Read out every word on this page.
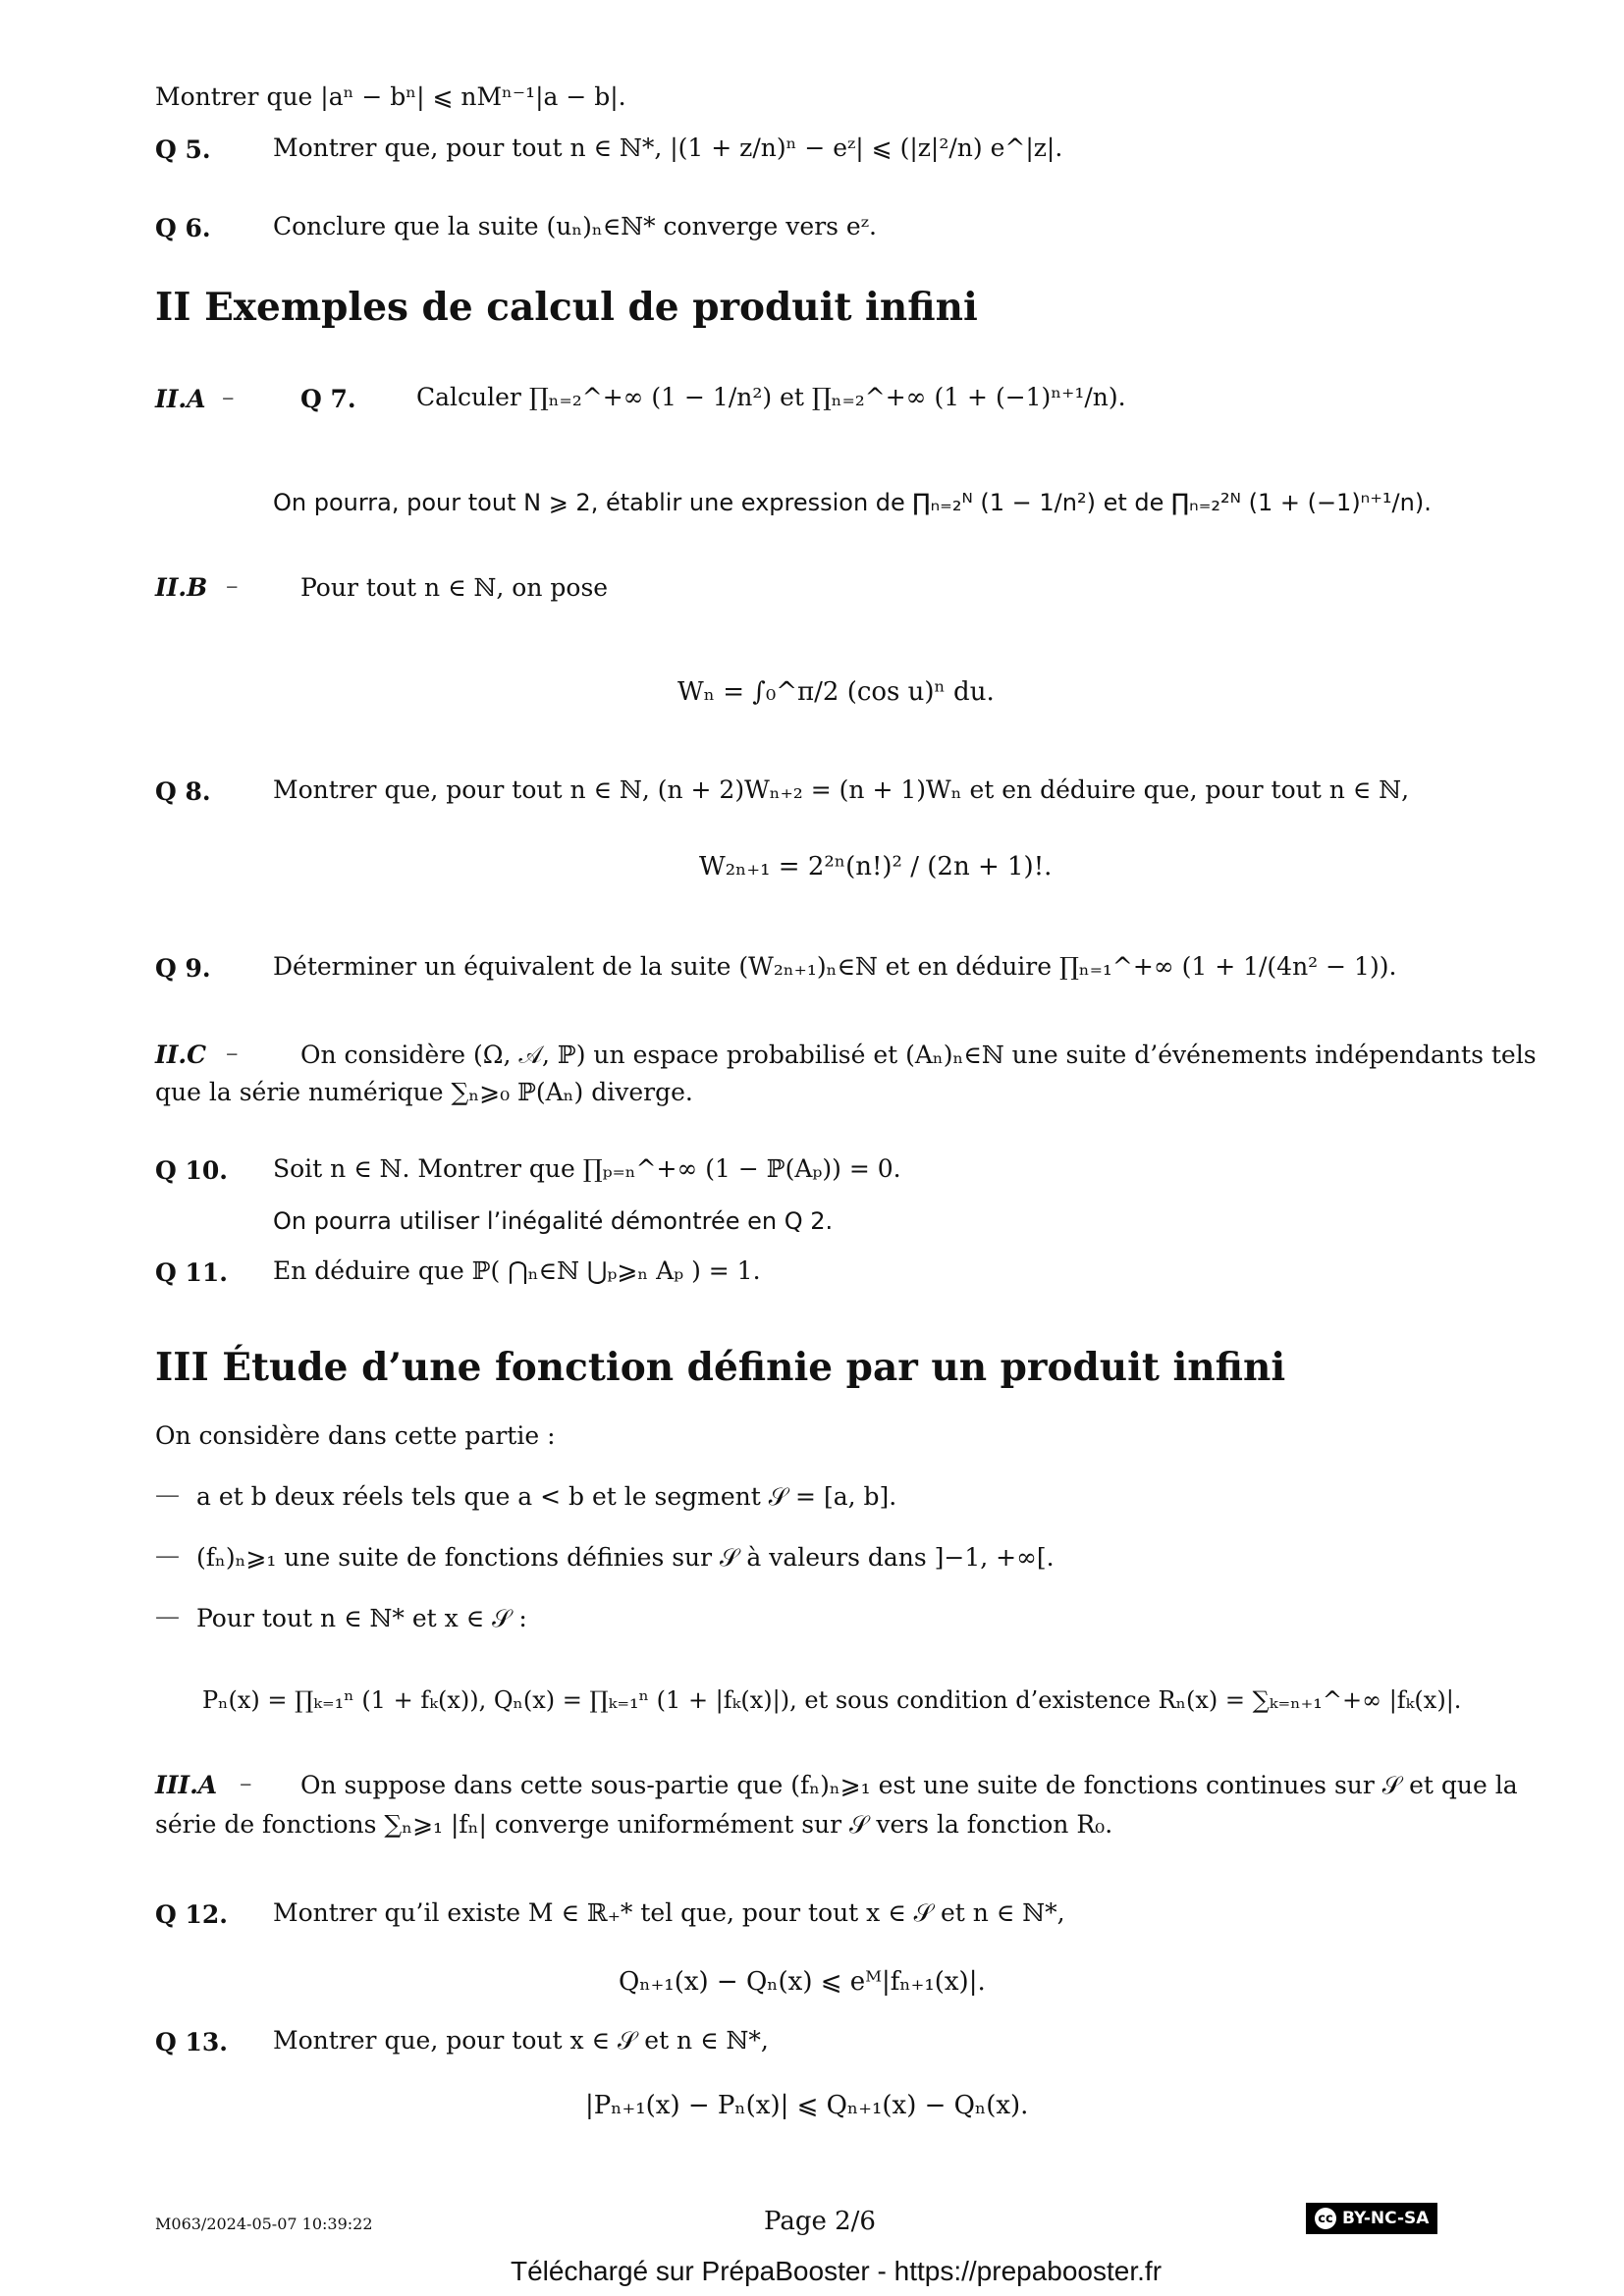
Montrer que |aⁿ − bⁿ| ⩽ nMⁿ⁻¹|a − b|.
Q 5.	Montrer que, pour tout n ∈ ℕ*, |(1 + z/n)ⁿ − eᶻ| ⩽ (|z|²/n) e^|z|.
Q 6.	Conclure que la suite (uₙ)ₙ∈ℕ* converge vers eᶻ.
II Exemples de calcul de produit infini
II.A –	Q 7. Calculer ∏ₙ₌₂^+∞ (1 − 1/n²) et ∏ₙ₌₂^+∞ (1 + (−1)ⁿ⁺¹/n).
On pourra, pour tout N ⩾ 2, établir une expression de ∏ₙ₌₂ᴺ (1 − 1/n²) et de ∏ₙ₌₂²ᴺ (1 + (−1)ⁿ⁺¹/n).
II.B –	Pour tout n ∈ ℕ, on pose
Wₙ = ∫₀^π/2 (cos u)ⁿ du.
Q 8.	Montrer que, pour tout n ∈ ℕ, (n + 2)Wₙ₊₂ = (n + 1)Wₙ et en déduire que, pour tout n ∈ ℕ,
W₂ₙ₊₁ = 2²ⁿ(n!)² / (2n + 1)!.
Q 9.	Déterminer un équivalent de la suite (W₂ₙ₊₁)ₙ∈ℕ et en déduire ∏ₙ₌₁^+∞ (1 + 1/(4n² − 1)).
II.C –	On considère (Ω, 𝒜, ℙ) un espace probabilisé et (Aₙ)ₙ∈ℕ une suite d’événements indépendants tels
que la série numérique ∑ₙ⩾₀ ℙ(Aₙ) diverge.
Q 10. Soit n ∈ ℕ. Montrer que ∏ₚ₌ₙ^+∞ (1 − ℙ(Aₚ)) = 0.
On pourra utiliser l’inégalité démontrée en Q 2.
Q 11. En déduire que ℙ( ⋂ₙ∈ℕ ⋃ₚ⩾ₙ Aₚ ) = 1.
III Étude d’une fonction définie par un produit infini
On considère dans cette partie :
— a et b deux réels tels que a < b et le segment 𝒮 = [a, b].
— (fₙ)ₙ⩾₁ une suite de fonctions définies sur 𝒮 à valeurs dans ]−1, +∞[.
— Pour tout n ∈ ℕ* et x ∈ 𝒮 :
Pₙ(x) = ∏ₖ₌₁ⁿ (1 + fₖ(x)), Qₙ(x) = ∏ₖ₌₁ⁿ (1 + |fₖ(x)|), et sous condition d’existence Rₙ(x) = ∑ₖ₌ₙ₊₁^+∞ |fₖ(x)|.
III.A – On suppose dans cette sous-partie que (fₙ)ₙ⩾₁ est une suite de fonctions continues sur 𝒮 et que la
série de fonctions ∑ₙ⩾₁ |fₙ| converge uniformément sur 𝒮 vers la fonction R₀.
Q 12. Montrer qu’il existe M ∈ ℝ₊* tel que, pour tout x ∈ 𝒮 et n ∈ ℕ*,
Qₙ₊₁(x) − Qₙ(x) ⩽ eᴹ|fₙ₊₁(x)|.
Q 13. Montrer que, pour tout x ∈ 𝒮 et n ∈ ℕ*,
|Pₙ₊₁(x) − Pₙ(x)| ⩽ Qₙ₊₁(x) − Qₙ(x).
M063/2024-05-07 10:39:22	Page 2/6	cc BY-NC-SA
Téléchargé sur PrépaBooster - https://prepabooster.fr
